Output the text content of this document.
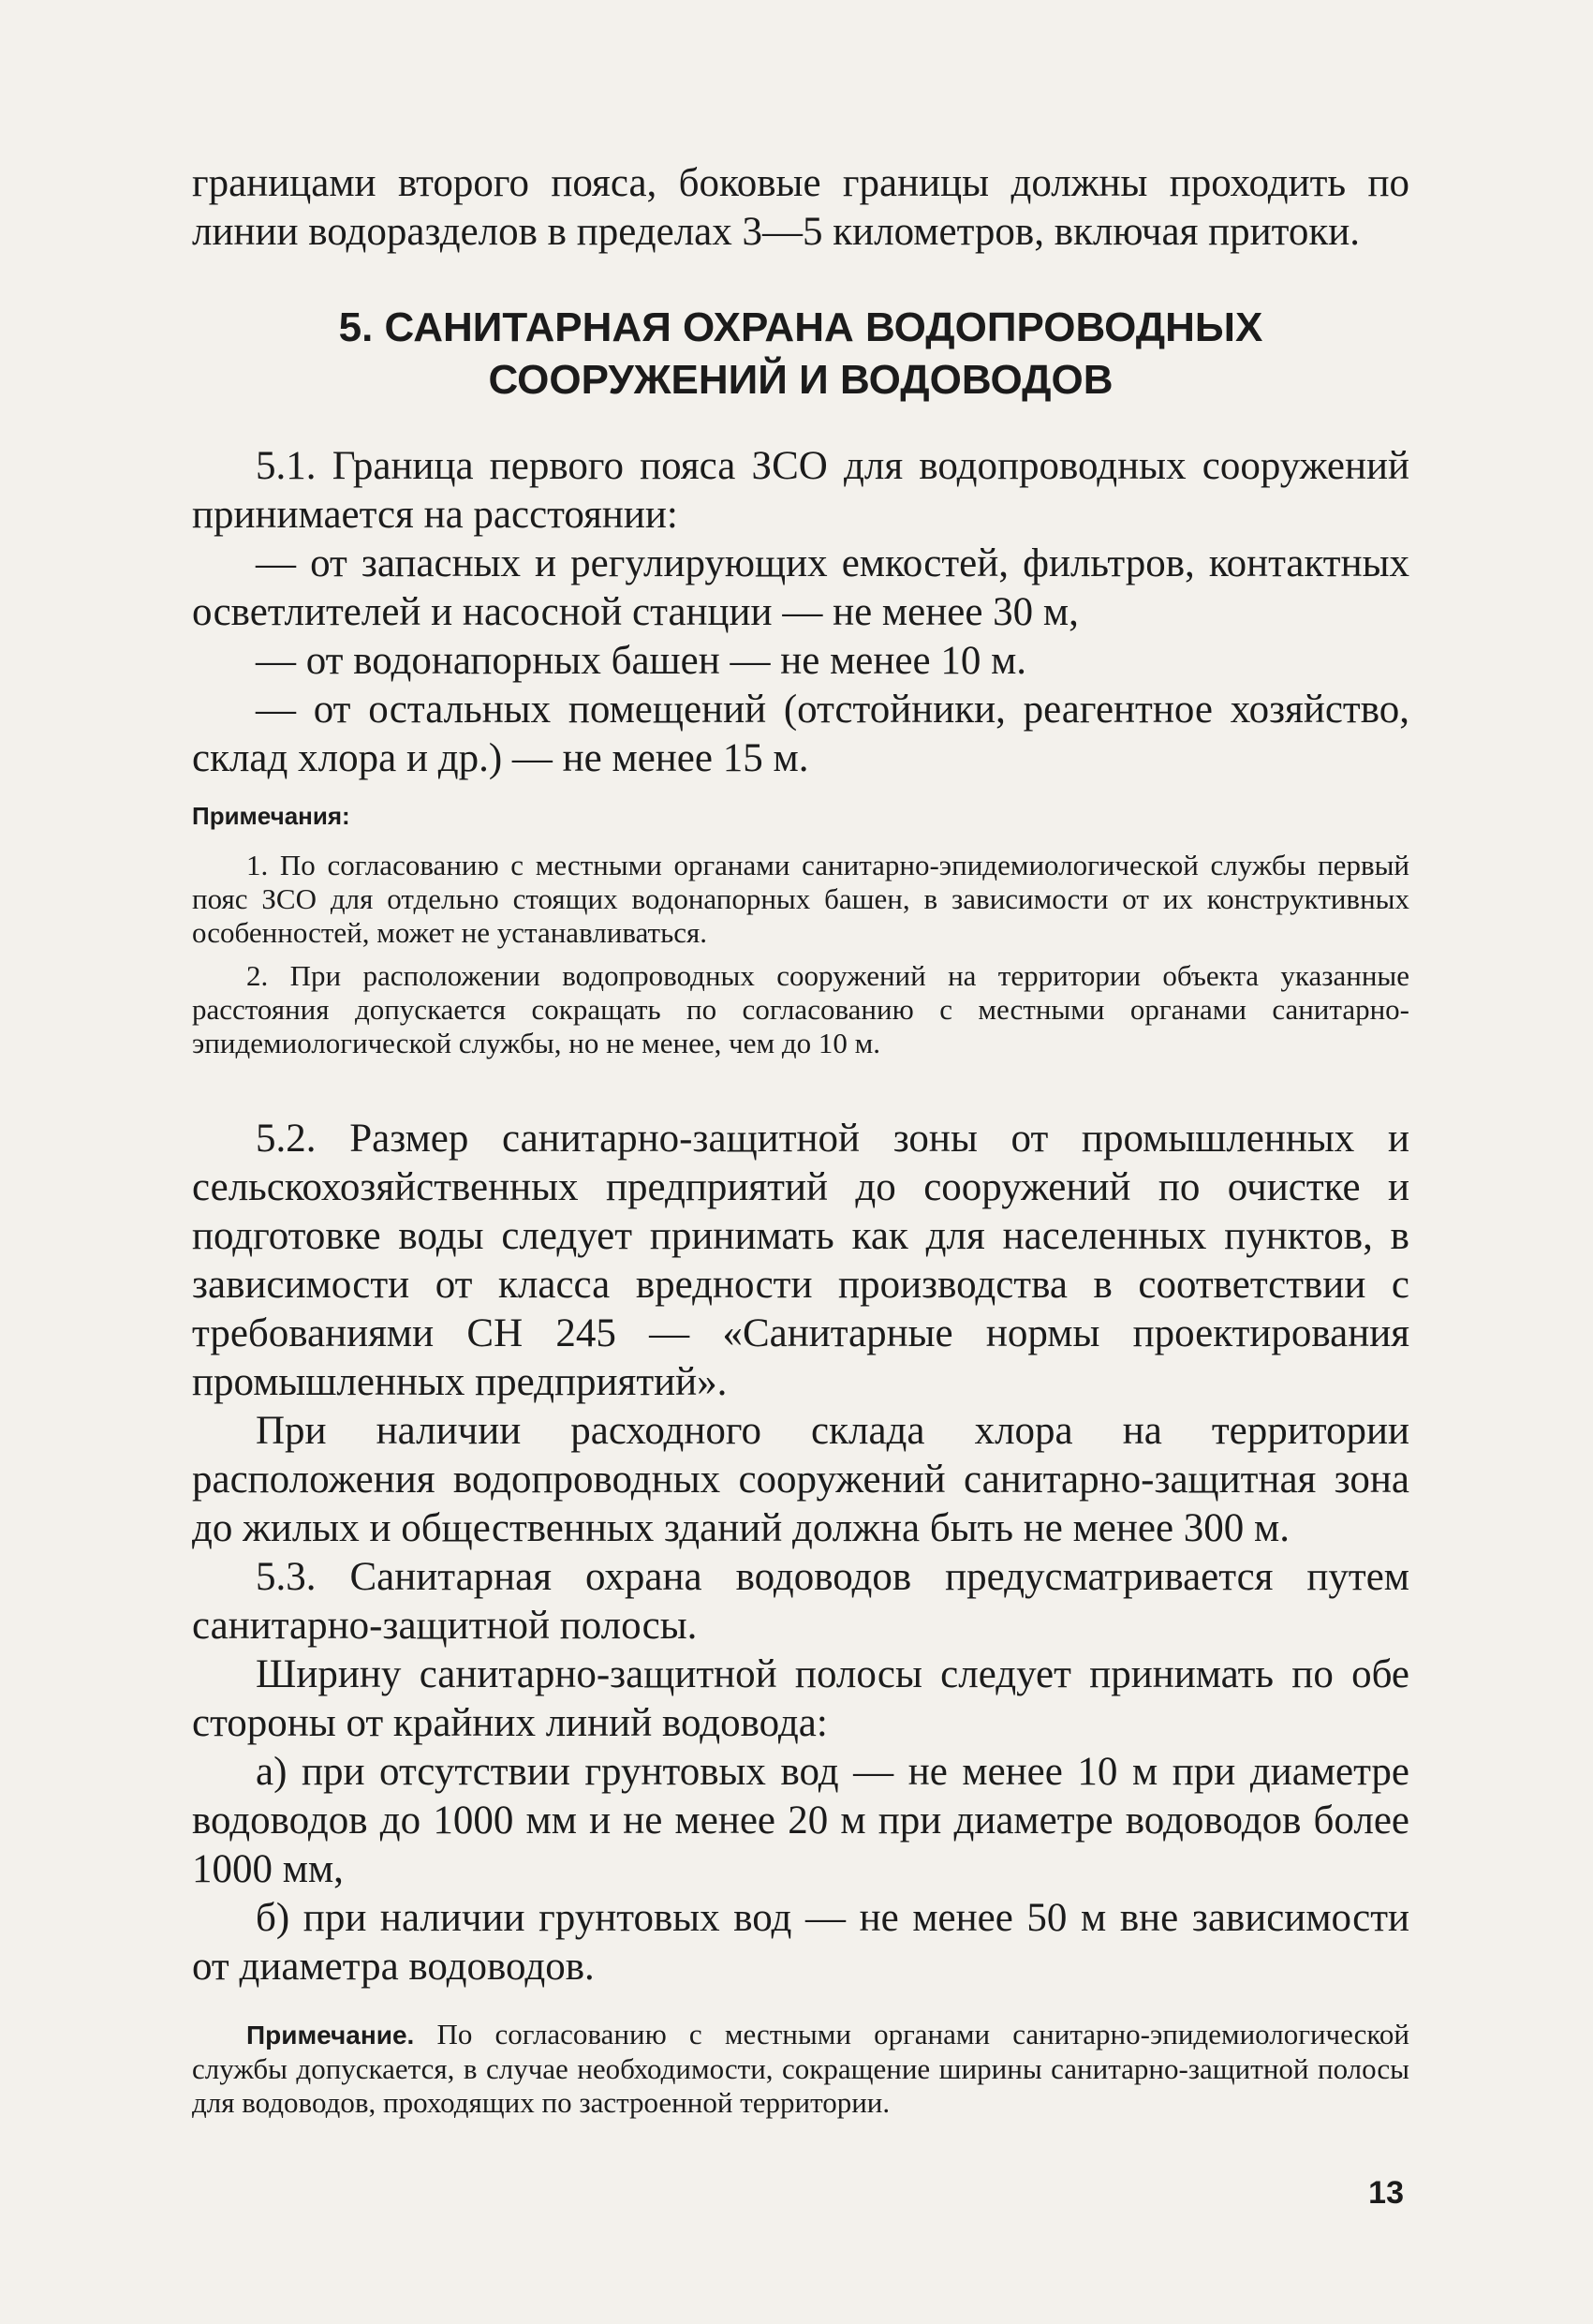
границами второго пояса, боковые границы должны проходить по линии водоразделов в пределах 3—5 километров, включая притоки.

5. САНИТАРНАЯ ОХРАНА ВОДОПРОВОДНЫХ
СООРУЖЕНИЙ И ВОДОВОДОВ

5.1. Граница первого пояса ЗСО для водопроводных сооружений принимается на расстоянии:

— от запасных и регулирующих емкостей, фильтров, контактных осветлителей и насосной станции — не менее 30 м,

— от водонапорных башен — не менее 10 м.

— от остальных помещений (отстойники, реагентное хозяйство, склад хлора и др.) — не менее 15 м.

Примечания:

1. По согласованию с местными органами санитарно-эпидемиологической службы первый пояс ЗСО для отдельно стоящих водонапорных башен, в зависимости от их конструктивных особенностей, может не устанавливаться.

2. При расположении водопроводных сооружений на территории объекта указанные расстояния допускается сокращать по согласованию с местными органами санитарно-эпидемиологической службы, но не менее, чем до 10 м.

5.2. Размер санитарно-защитной зоны от промышленных и сельскохозяйственных предприятий до сооружений по очистке и подготовке воды следует принимать как для населенных пунктов, в зависимости от класса вредности производства в соответствии с требованиями СН 245 — «Санитарные нормы проектирования промышленных предприятий».

При наличии расходного склада хлора на территории расположения водопроводных сооружений санитарно-защитная зона до жилых и общественных зданий должна быть не менее 300 м.

5.3. Санитарная охрана водоводов предусматривается путем санитарно-защитной полосы.

Ширину санитарно-защитной полосы следует принимать по обе стороны от крайних линий водовода:

а) при отсутствии грунтовых вод — не менее 10 м при диаметре водоводов до 1000 мм и не менее 20 м при диаметре водоводов более 1000 мм,

б) при наличии грунтовых вод — не менее 50 м вне зависимости от диаметра водоводов.

Примечание. По согласованию с местными органами санитарно-эпидемиологической службы допускается, в случае необходимости, сокращение ширины санитарно-защитной полосы для водоводов, проходящих по застроенной территории.

13
